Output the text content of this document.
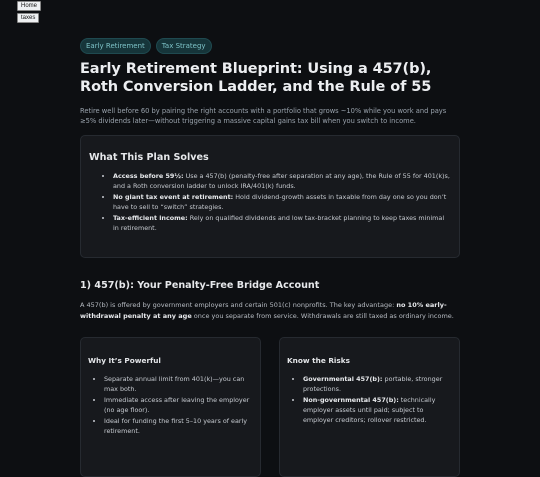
Home
taxes
Early Retirement	Tax Strategy
Early Retirement Blueprint: Using a 457(b), Roth Conversion Ladder, and the Rule of 55

Retire well before 60 by pairing the right accounts with a portfolio that grows ~10% while you work and pays ≥5% dividends later—without triggering a massive capital gains tax bill when you switch to income.

What This Plan Solves
• Access before 59½: Use a 457(b) (penalty-free after separation at any age), the Rule of 55 for 401(k)s, and a Roth conversion ladder to unlock IRA/401(k) funds.
• No giant tax event at retirement: Hold dividend-growth assets in taxable from day one so you don’t have to sell to “switch” strategies.
• Tax-efficient income: Rely on qualified dividends and low tax-bracket planning to keep taxes minimal in retirement.
1) 457(b): Your Penalty-Free Bridge Account

A 457(b) is offered by government employers and certain 501(c) nonprofits. The key advantage: no 10% early-withdrawal penalty at any age once you separate from service. Withdrawals are still taxed as ordinary income.

Why It’s Powerful
• Separate annual limit from 401(k)—you can max both.
• Immediate access after leaving the employer (no age floor).
• Ideal for funding the first 5–10 years of early retirement.
Know the Risks
• Governmental 457(b): portable, stronger protections.
• Non-governmental 457(b): technically employer assets until paid; subject to employer creditors; rollover restricted.
